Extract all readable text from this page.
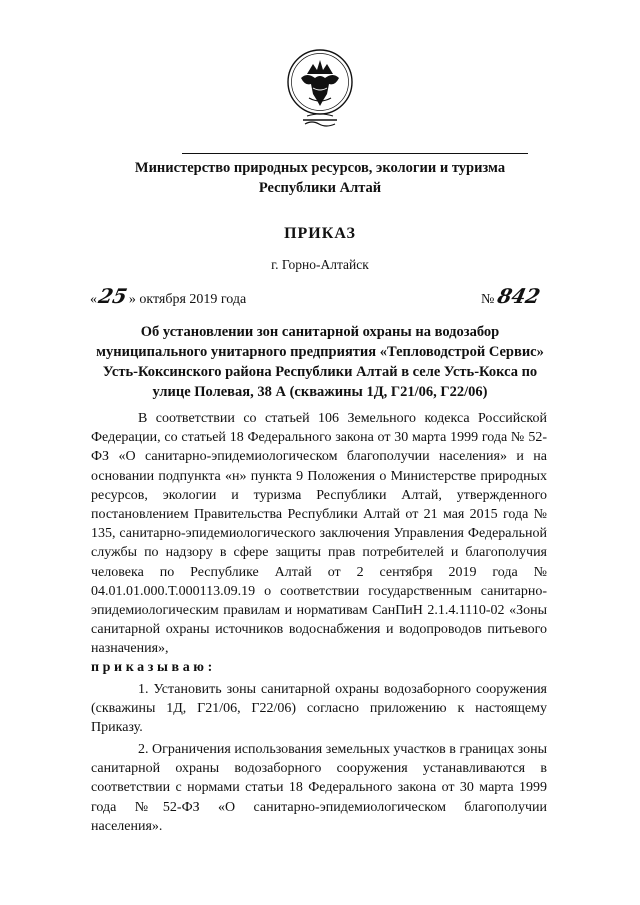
Министерство природных ресурсов, экологии и туризма Республики Алтай
ПРИКАЗ
г. Горно-Алтайск
«25» октября 2019 года	№842
Об установлении зон санитарной охраны на водозабор муниципального унитарного предприятия «Тепловодстрой Сервис» Усть-Коксинского района Республики Алтай в селе Усть-Кокса по улице Полевая, 38 А (скважины 1Д, Г21/06, Г22/06)
В соответствии со статьей 106 Земельного кодекса Российской Федерации, со статьей 18 Федерального закона от 30 марта 1999 года № 52-ФЗ «О санитарно-эпидемиологическом благополучии населения» и на основании подпункта «н» пункта 9 Положения о Министерстве природных ресурсов, экологии и туризма Республики Алтай, утвержденного постановлением Правительства Республики Алтай от 21 мая 2015 года № 135, санитарно-эпидемиологического заключения Управления Федеральной службы по надзору в сфере защиты прав потребителей и благополучия человека по Республике Алтай от 2 сентября 2019 года № 04.01.01.000.Т.000113.09.19 о соответствии государственным санитарно-эпидемиологическим правилам и нормативам СанПиН 2.1.4.1110-02 «Зоны санитарной охраны источников водоснабжения и водопроводов питьевого назначения»,
приказываю:
1. Установить зоны санитарной охраны водозаборного сооружения (скважины 1Д, Г21/06, Г22/06) согласно приложению к настоящему Приказу.
2. Ограничения использования земельных участков в границах зоны санитарной охраны водозаборного сооружения устанавливаются в соответствии с нормами статьи 18 Федерального закона от 30 марта 1999 года №52-ФЗ «О санитарно-эпидемиологическом благополучии населения».
